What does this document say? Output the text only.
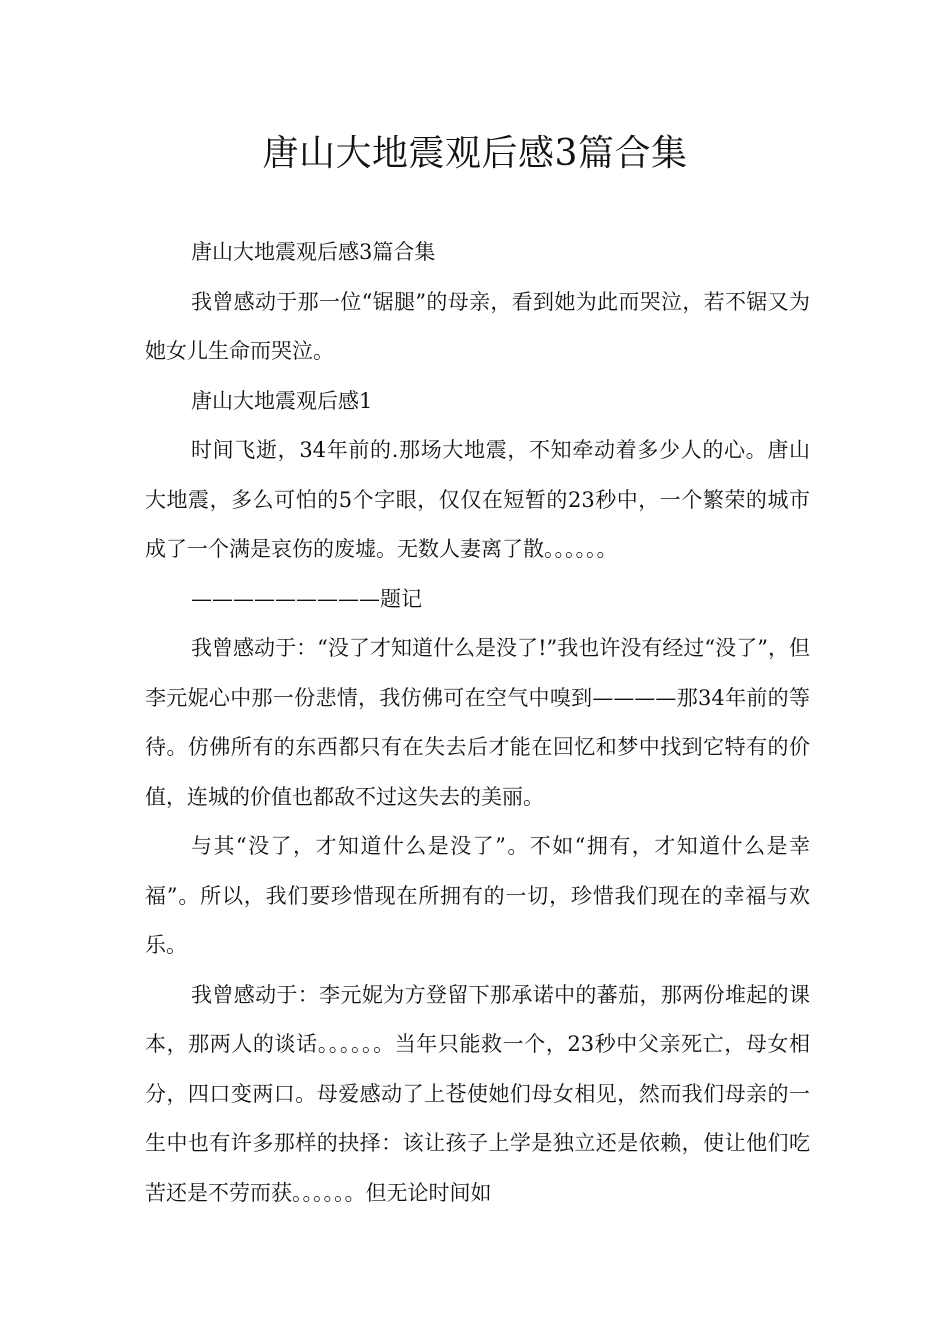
唐山大地震观后感3篇合集

唐山大地震观后感3篇合集

我曾感动于那一位“锯腿”的母亲，看到她为此而哭泣，若不锯又为她女儿生命而哭泣。

唐山大地震观后感1

时间飞逝，34年前的.那场大地震，不知牵动着多少人的心。唐山大地震，多么可怕的5个字眼，仅仅在短暂的23秒中，一个繁荣的城市成了一个满是哀伤的废墟。无数人妻离了散。。。。。。

—————————题记

我曾感动于：“没了才知道什么是没了!”我也许没有经过“没了”，但李元妮心中那一份悲情，我仿佛可在空气中嗅到————那34年前的等待。仿佛所有的东西都只有在失去后才能在回忆和梦中找到它特有的价值，连城的价值也都敌不过这失去的美丽。

与其“没了，才知道什么是没了”。不如“拥有，才知道什么是幸福”。所以，我们要珍惜现在所拥有的一切，珍惜我们现在的幸福与欢乐。

我曾感动于：李元妮为方登留下那承诺中的蕃茄，那两份堆起的课本，那两人的谈话。。。。。。当年只能救一个，23秒中父亲死亡，母女相分，四口变两口。母爱感动了上苍使她们母女相见，然而我们母亲的一生中也有许多那样的抉择：该让孩子上学是独立还是依赖，使让他们吃苦还是不劳而获。。。。。。但无论时间如
